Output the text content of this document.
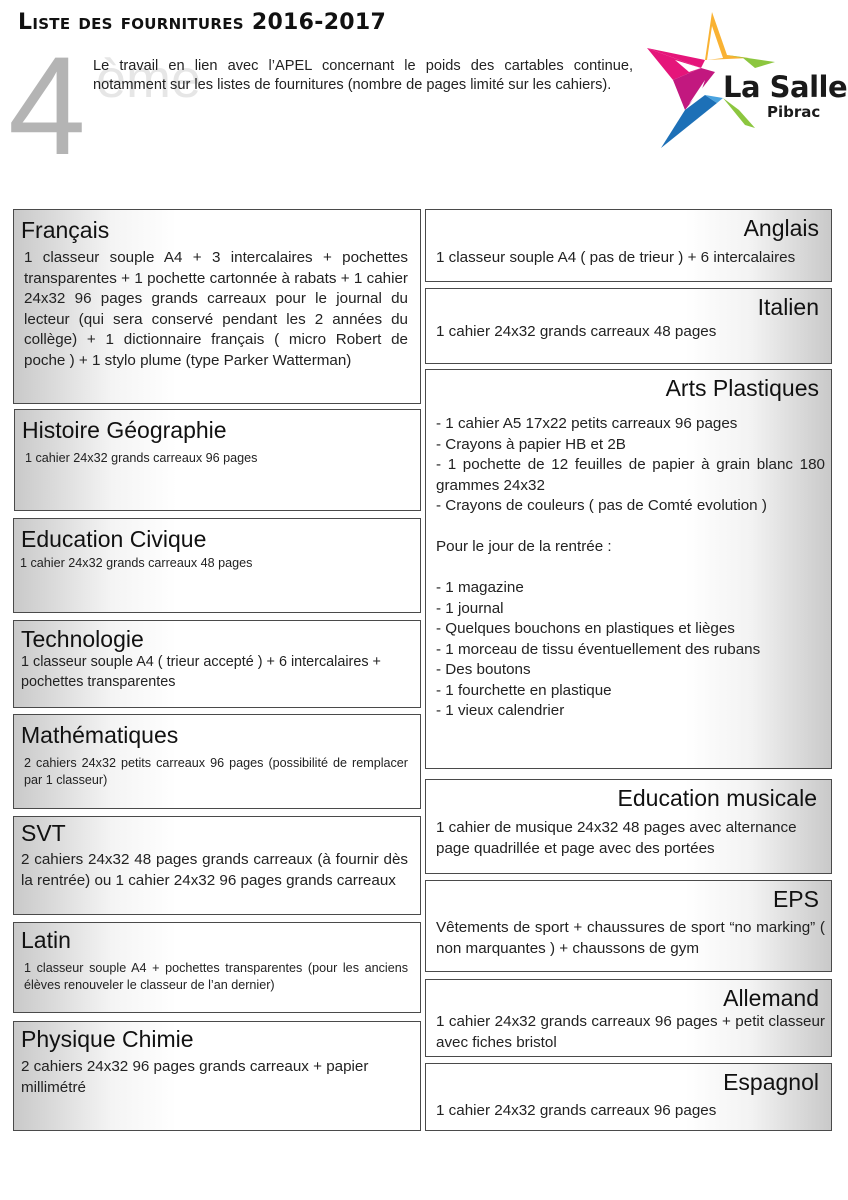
Liste des fournitures 2016-2017
ème
4 Le travail en lien avec l’APEL concernant le poids des cartables continue, notamment sur les listes de fournitures (nombre de pages limité sur les cahiers).	La Salle
Pibrac
Français

1 classeur souple A4 + 3 intercalaires + pochettes transparentes + 1 pochette cartonnée à rabats + 1 cahier 24x32 96 pages grands carreaux pour le journal du lecteur (qui sera conservé pendant les 2 années du collège) + 1 dictionnaire français ( micro Robert de poche ) + 1 stylo plume (type Parker Watterman)

Histoire Géographie

1 cahier 24x32 grands carreaux 96 pages

Education Civique

1 cahier 24x32 grands carreaux 48 pages

Technologie

1 classeur souple A4 ( trieur accepté ) + 6 intercalaires + pochettes transparentes

Mathématiques

2 cahiers 24x32 petits carreaux 96 pages (possibilité de remplacer par 1 classeur)

SVT

2 cahiers 24x32 48 pages grands carreaux (à fournir dès la rentrée) ou 1 cahier 24x32 96 pages grands carreaux

Latin

1 classeur souple A4 + pochettes transparentes (pour les anciens élèves renouveler le classeur de l’an dernier)

Physique Chimie

2 cahiers 24x32 96 pages grands carreaux + papier millimétré

Anglais

1 classeur souple A4 ( pas de trieur ) + 6 intercalaires

Italien

1 cahier 24x32 grands carreaux 48 pages

Arts Plastiques
- 1 cahier A5 17x22 petits carreaux 96 pages
- Crayons à papier HB et 2B
- 1 pochette de 12 feuilles de papier à grain blanc 180 grammes 24x32
- Crayons de couleurs ( pas de Comté evolution )
Pour le jour de la rentrée :
- 1 magazine
- 1 journal
- Quelques bouchons en plastiques et lièges
- 1 morceau de tissu éventuellement des rubans
- Des boutons
- 1 fourchette en plastique
- 1 vieux calendrier
Education musicale

1 cahier de musique 24x32 48 pages avec alternance page quadrillée et page avec des portées

EPS

Vêtements de sport + chaussures de sport “no marking” ( non marquantes ) + chaussons de gym

Allemand

1 cahier 24x32 grands carreaux 96 pages + petit classeur avec fiches bristol

Espagnol

1 cahier 24x32 grands carreaux 96 pages
